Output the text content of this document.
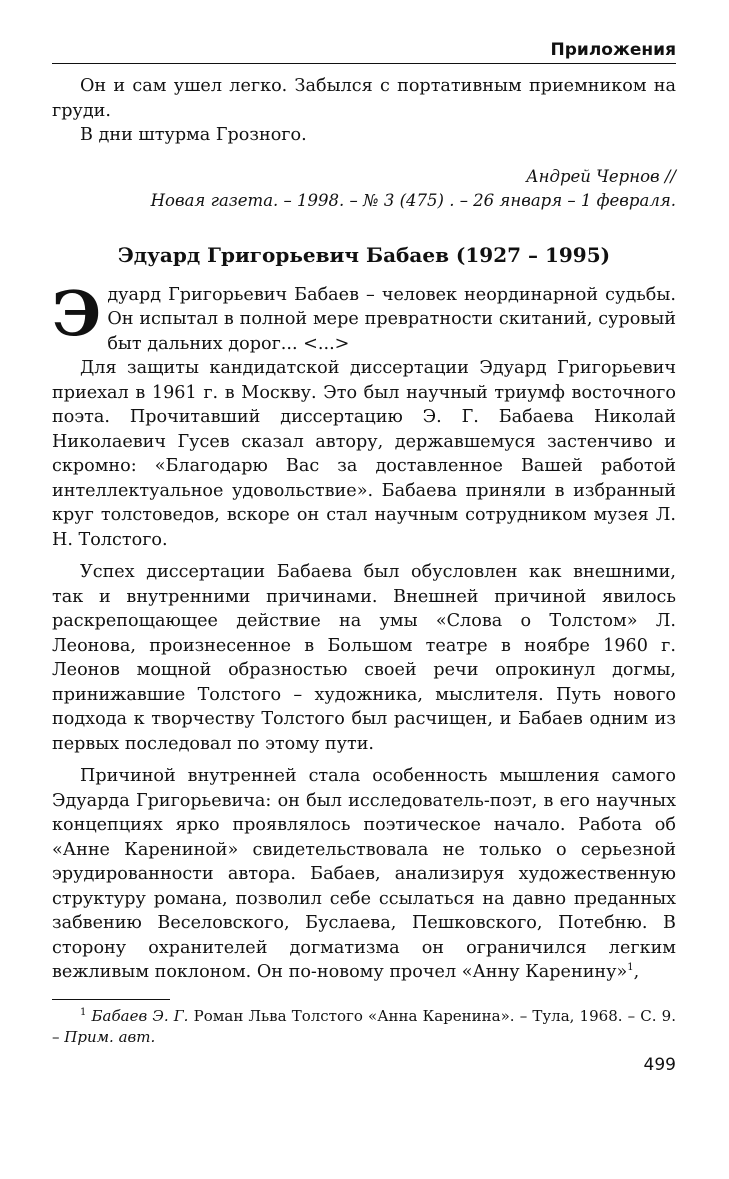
Приложения

Он и сам ушел легко. Забылся с портативным приемником на груди.

В дни штурма Грозного.

Андрей Чернов //
Новая газета. – 1998. – № 3 (475) . – 26 января – 1 февраля.
Эдуард Григорьевич Бабаев (1927 – 1995)

Эдуард Григорьевич Бабаев – человек неординарной судьбы. Он испытал в полной мере превратности скитаний, суровый быт дальних дорог... <...>

Для защиты кандидатской диссертации Эдуард Григорьевич приехал в 1961 г. в Москву. Это был научный триумф восточного поэта. Прочитавший диссертацию Э. Г. Бабаева Николай Николаевич Гусев сказал автору, державшемуся застенчиво и скромно: «Благодарю Вас за доставленное Вашей работой интеллектуальное удовольствие». Бабаева приняли в избранный круг толстоведов, вскоре он стал научным сотрудником музея Л. Н. Толстого.

Успех диссертации Бабаева был обусловлен как внешними, так и внутренними причинами. Внешней причиной явилось раскрепощающее действие на умы «Слова о Толстом» Л. Леонова, произнесенное в Большом театре в ноябре 1960 г. Леонов мощной образностью своей речи опрокинул догмы, принижавшие Толстого – художника, мыслителя. Путь нового подхода к творчеству Толстого был расчищен, и Бабаев одним из первых последовал по этому пути.

Причиной внутренней стала особенность мышления самого Эдуарда Григорьевича: он был исследователь-поэт, в его научных концепциях ярко проявлялось поэтическое начало. Работа об «Анне Карениной» свидетельствовала не только о серьезной эрудированности автора. Бабаев, анализируя художественную структуру романа, позволил себе ссылаться на давно преданных забвению Веселовского, Буслаева, Пешковского, Потебню. В сторону охранителей догматизма он ограничился легким вежливым поклоном. Он по-новому прочел «Анну Каренину»$^1$,

$^1$ Бабаев Э. Г. Роман Льва Толстого «Анна Каренина». – Тула, 1968. – С. 9. – Прим. авт.

499
